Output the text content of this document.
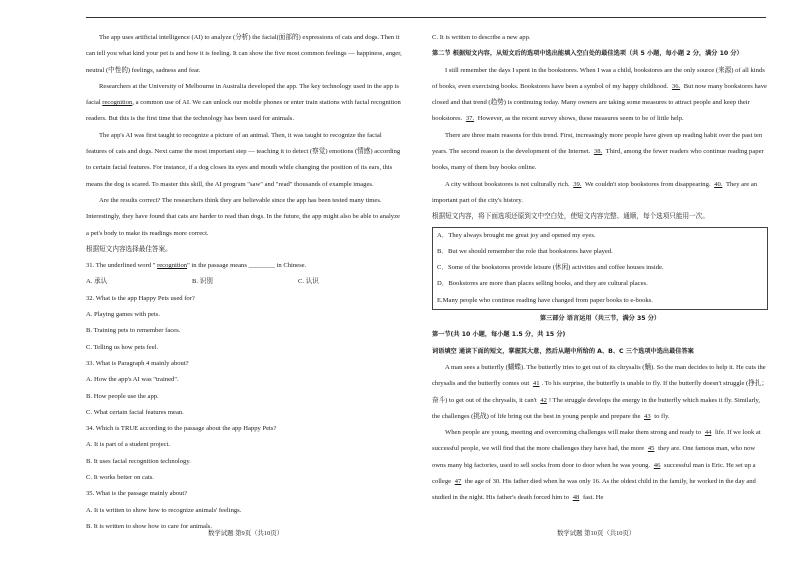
The app uses artificial intelligence (AI) to analyze (分析) the facial(面部的) expressions of cats and dogs. Then it can tell you what kind your pet is and how it is feeling. It can show the five most common feelings — happiness, anger, neutral (中性的) feelings, sadness and fear.

Researchers at the University of Melbourne in Australia developed the app. The key technology used in the app is facial recognition, a common use of AI. We can unlock our mobile phones or enter train stations with facial recognition readers. But this is the first time that the technology has been used for animals.

The app's AI was first taught to recognize a picture of an animal. Then, it was taught to recognize the facial features of cats and dogs. Next came the most important step — teaching it to detect (察觉) emotions (情感) according to certain facial features. For instance, if a dog closes its eyes and mouth while changing the position of its ears, this means the dog is scared. To master this skill, the AI program "saw" and "read" thousands of example images.

Are the results correct? The researchers think they are believable since the app has been tested many times. Interestingly, they have found that cats are harder to read than dogs. In the future, the app might also be able to analyze a pet's body to make its readings more correct.

根据短文内容选择最佳答案。

31. The underlined word " recognition" in the passage means ________ in Chinese.

A. 承认	B. 识别	C. 认识

32. What is the app Happy Pets used for?

A. Playing games with pets.

B. Training pets to remember faces.

C. Telling us how pets feel.

33. What is Paragraph 4 mainly about?

A. How the app's AI was "trained".

B. How people use the app.

C. What certain facial features mean.

34. Which is TRUE according to the passage about the app Happy Pets?

A. It is part of a student project.

B. It uses facial recognition technology.

C. It works better on cats.

35. What is the passage mainly about?

A. It is written to show how to recognize animals' feelings.

B. It is written to show how to care for animals.

C. It is written to describe a new app.

第二节 根据短文内容，从短文后的选项中选出能填入空白处的最佳选项（共 5 小题，每小题 2 分，满分 10 分）

I still remember the days I spent in the bookstores. When I was a child, bookstores are the only source (来源) of all kinds of books, even exercising books. Bookstores have been a symbol of my happy childhood. 36. But now many bookstores have closed and that trend (趋势) is continuing today. Many owners are taking some measures to attract people and keep their bookstores. 37. However, as the recent survey shows, these measures seem to be of little help.

There are three main reasons for this trend. First, increasingly more people have given up reading habit over the past ten years. The second reason is the development of the Internet. 38. Third, among the fewer readers who continue reading paper books, many of them buy books online.

A city without bookstores is not culturally rich. 39. We couldn't stop bookstores from disappearing. 40. They are an important part of the city's history.

根据短文内容，将下面选项还原到文中空白处，使短文内容完整、通顺，每个选项只能用一次。

A．They always brought me great joy and opened my eyes.

B．But we should remember the role that bookstores have played.

C．Some of the bookstores provide leisure (休闲) activities and coffee houses inside.

D．Bookstores are more than places selling books, and they are cultural places.

E.Many people who continue reading have changed from paper books to e-books.

第三部分 语言运用（共三节，满分 35 分）

第一节(共 10 小题，每小题 1.5 分，共 15 分)

词语填空 通读下面的短文，掌握其大意，然后从题中所给的 A、B、C 三个选项中选出最佳答案

A man sees a butterfly (蝴蝶). The butterfly tries to get out of its chrysalis (蛹). So the man decides to help it. He cuts the chrysalis and the butterfly comes out 41 . To his surprise, the butterfly is unable to fly. If the butterfly doesn't struggle (挣扎；奋斗) to get out of the chrysalis, it can't 42 ! The struggle develops the energy in the butterfly which makes it fly. Similarly, the challenges (挑战) of life bring out the best in young people and prepare the 43 to fly.

When people are young, meeting and overcoming challenges will make them strong and ready to 44 life. If we look at successful people, we will find that the more challenges they have had, the more 45 they are. One famous man, who now owns many big factories, used to sell socks from door to door when he was young. 46 successful man is Eric. He set up a college 47 the age of 30. His father died when he was only 16. As the oldest child in the family, he worked in the day and studied in the night. His father's death forced him to 48 fast. He

数学试题 第9页（共10页）	数学试题 第10页（共10页）
